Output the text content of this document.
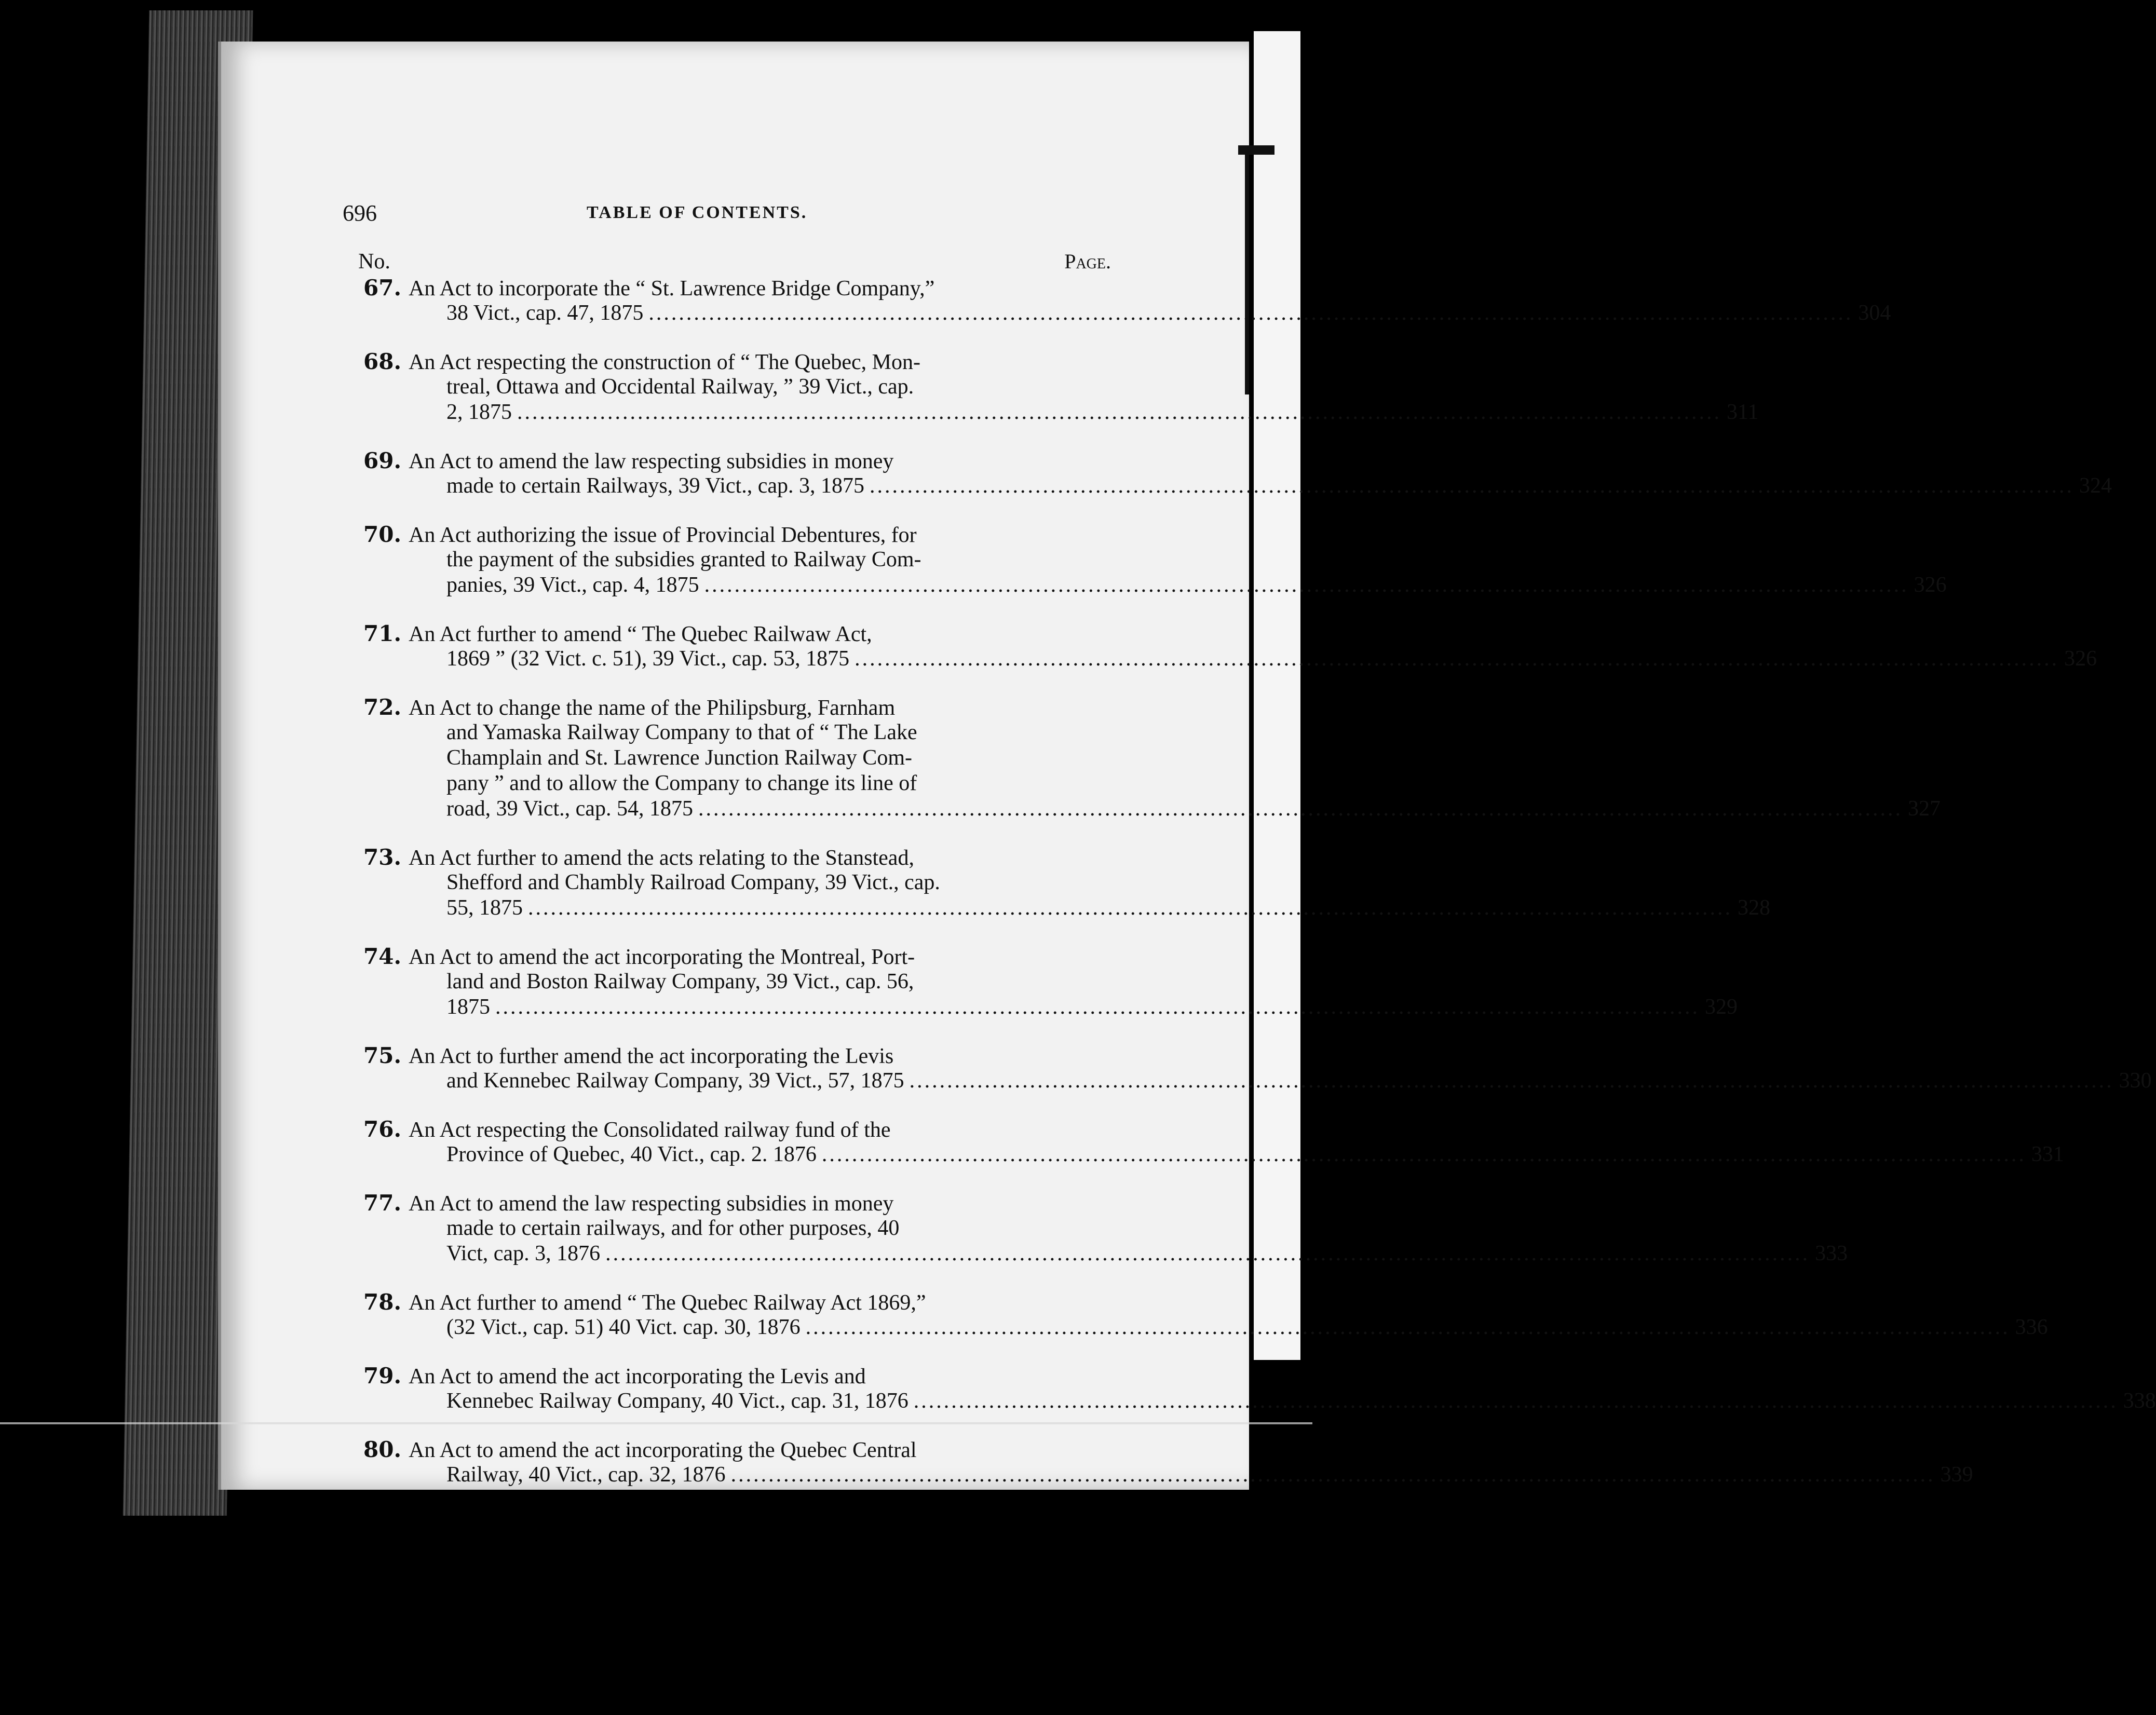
696	TABLE OF CONTENTS.
No.	Page.
67. An Act to incorporate the “ St. Lawrence Bridge Company,”
38 Vict., cap. 47, 1875 ................................................................................................................................................................ 304
68. An Act respecting the construction of “ The Quebec, Mon-
treal, Ottawa and Occidental Railway, ” 39 Vict., cap.
2, 1875 ................................................................................................................................................................ 311
69. An Act to amend the law respecting subsidies in money
made to certain Railways, 39 Vict., cap. 3, 1875 ................................................................................................................................................................ 324
70. An Act authorizing the issue of Provincial Debentures, for
the payment of the subsidies granted to Railway Com-
panies, 39 Vict., cap. 4, 1875 ................................................................................................................................................................ 326
71. An Act further to amend “ The Quebec Railwaw Act,
1869 ” (32 Vict. c. 51), 39 Vict., cap. 53, 1875 ................................................................................................................................................................ 326
72. An Act to change the name of the Philipsburg, Farnham
and Yamaska Railway Company to that of “ The Lake
Champlain and St. Lawrence Junction Railway Com-
pany ” and to allow the Company to change its line of
road, 39 Vict., cap. 54, 1875 ................................................................................................................................................................ 327
73. An Act further to amend the acts relating to the Stanstead,
Shefford and Chambly Railroad Company, 39 Vict., cap.
55, 1875 ................................................................................................................................................................ 328
74. An Act to amend the act incorporating the Montreal, Port-
land and Boston Railway Company, 39 Vict., cap. 56,
1875 ................................................................................................................................................................ 329
75. An Act to further amend the act incorporating the Levis
and Kennebec Railway Company, 39 Vict., 57, 1875 ................................................................................................................................................................ 330
76. An Act respecting the Consolidated railway fund of the
Province of Quebec, 40 Vict., cap. 2. 1876 ................................................................................................................................................................ 331
77. An Act to amend the law respecting subsidies in money
made to certain railways, and for other purposes, 40
Vict, cap. 3, 1876 ................................................................................................................................................................ 333
78. An Act further to amend “ The Quebec Railway Act 1869,”
(32 Vict., cap. 51) 40 Vict. cap. 30, 1876 ................................................................................................................................................................ 336
79. An Act to amend the act incorporating the Levis and
Kennebec Railway Company, 40 Vict., cap. 31, 1876 ................................................................................................................................................................ 338
80. An Act to amend the act incorporating the Quebec Central
Railway, 40 Vict., cap. 32, 1876 ................................................................................................................................................................ 339
